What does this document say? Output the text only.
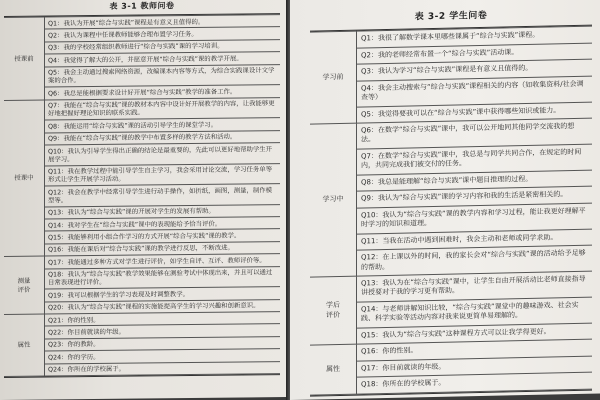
表 3-1 教师问卷
授课前	Q1：我认为开展“综合与实践”课程是有意义且值得的。
	Q2：我认为课程中任课教师能够合理布置学习任务。
	Q3：我的学校经常组织教师进行“综合与实践”课的学习培训。
	Q4：我觉得了解大的公开，并愿意开展“综合与实践”课的教学开展。
	Q5：我会主动通过搜索网络资源，改编课本内容等方式，为综合实践课设计文学案的合作。
	Q6：我总是能根据要求设计好开展“综合与实践”教学的准备工作。
授课中	Q7：我能在“综合与实践”课的教材本内容中设计好开展教学的内容，让我能够更好地把握好理论知识的联系实践。
	Q8：我能运用“综合与实践”课的活动引导学生的课堂学习。
	Q9：我能在“综合与实践”课的教学中布置多样的教学方法和活动。
	Q10：我认为引导学生得出正确的结论是最重要的，先此可以更好地帮助学生开展学习。
	Q11：我在教学过程中能引导学生自主学习，我会采用讨论交流，学习任务单等形式让学生开展学习活动。
	Q12：我会在教学中经常引导学生进行动手操作，如折纸，画图，测量，制作模型等。
	Q13：我认为“综合与实践”课的开展对学生的发展有帮助。
	Q14：我对学生在“综合与实践”课中的表现能给予恰当评价。
	Q15：我能够利用小组合作学习的方式开展“综合与实践”课的教学。
	Q16：我能在课后对“综合与实践”课的教学进行反思，不断改进。
测量
评价	Q17：我能通过多种方式对学生进行评价，如学生自评、互评、教师评价等。
	Q18：我认为“综合与实践”教学效果能够在测验考试中体现出来，并且可以通过日常表现进行评价。
	Q19：我可以根据学生的学习表现及时调整教学。
	Q20：我认为“综合与实践”课程的实施能提高学生的学习兴趣和创新意识。
属性	Q21：你的性别。
	Q22：你目前就读的年级。
	Q23：你的教龄。
	Q24：你的学历。
	Q24：你所在的学校属于。
表 3-2 学生问卷
学习前	Q1：我很了解数学课本里哪些课属于“综合与实践”课程。
	Q2：我的老师经常布置一个“综合与实践”活动课。
	Q3：我认为学习“综合与实践”课程是有意义且值得的。
	Q4：我会主动搜索与“综合与实践”课程相关的内容（如收集资料/社会调查等）
	Q5：我觉得要我可以在“综合与实践”课中获得哪些知识或能力。
学习中	Q6：在数学“综合与实践”课中，我可以公开地同其他同学交流我的想法。
	Q7：在数学“综合与实践”课中，我总是与同学共同合作，在规定的时间内，共同完成我们被交付的任务。
	Q8：我总是能理解“综合与实践”课中题目推理的过程。
	Q9：我认为“综合与实践”课的学习内容和我的生活是紧密相关的。
	Q10：我认为“综合与实践”课的教学内容和学习过程，能让我更好理解平时学习的知识和道理。
	Q11：当我在活动中遇到困难时，我会主动和老师或同学求助。
	Q12：在上课以外的时间，我的家长会对“综合与实践”课的活动给予足够的帮助。
学后
评价	Q13：我认为在“综合与实践”课中，让学生自由开展活动比老师直接指导讲授要对于我的学习更有帮助。
	Q14：与老师讲解知识比较，“综合与实践”课堂中的趣味游戏、社会实践、科学实验等活动内容对我来说更简单易理解的。
	Q15：我认为“综合与实践”这种课程方式可以让我学得更好。
属性	Q16：你的性别。
	Q17：你目前就读的年级。
	Q18：你所在的学校属于。
